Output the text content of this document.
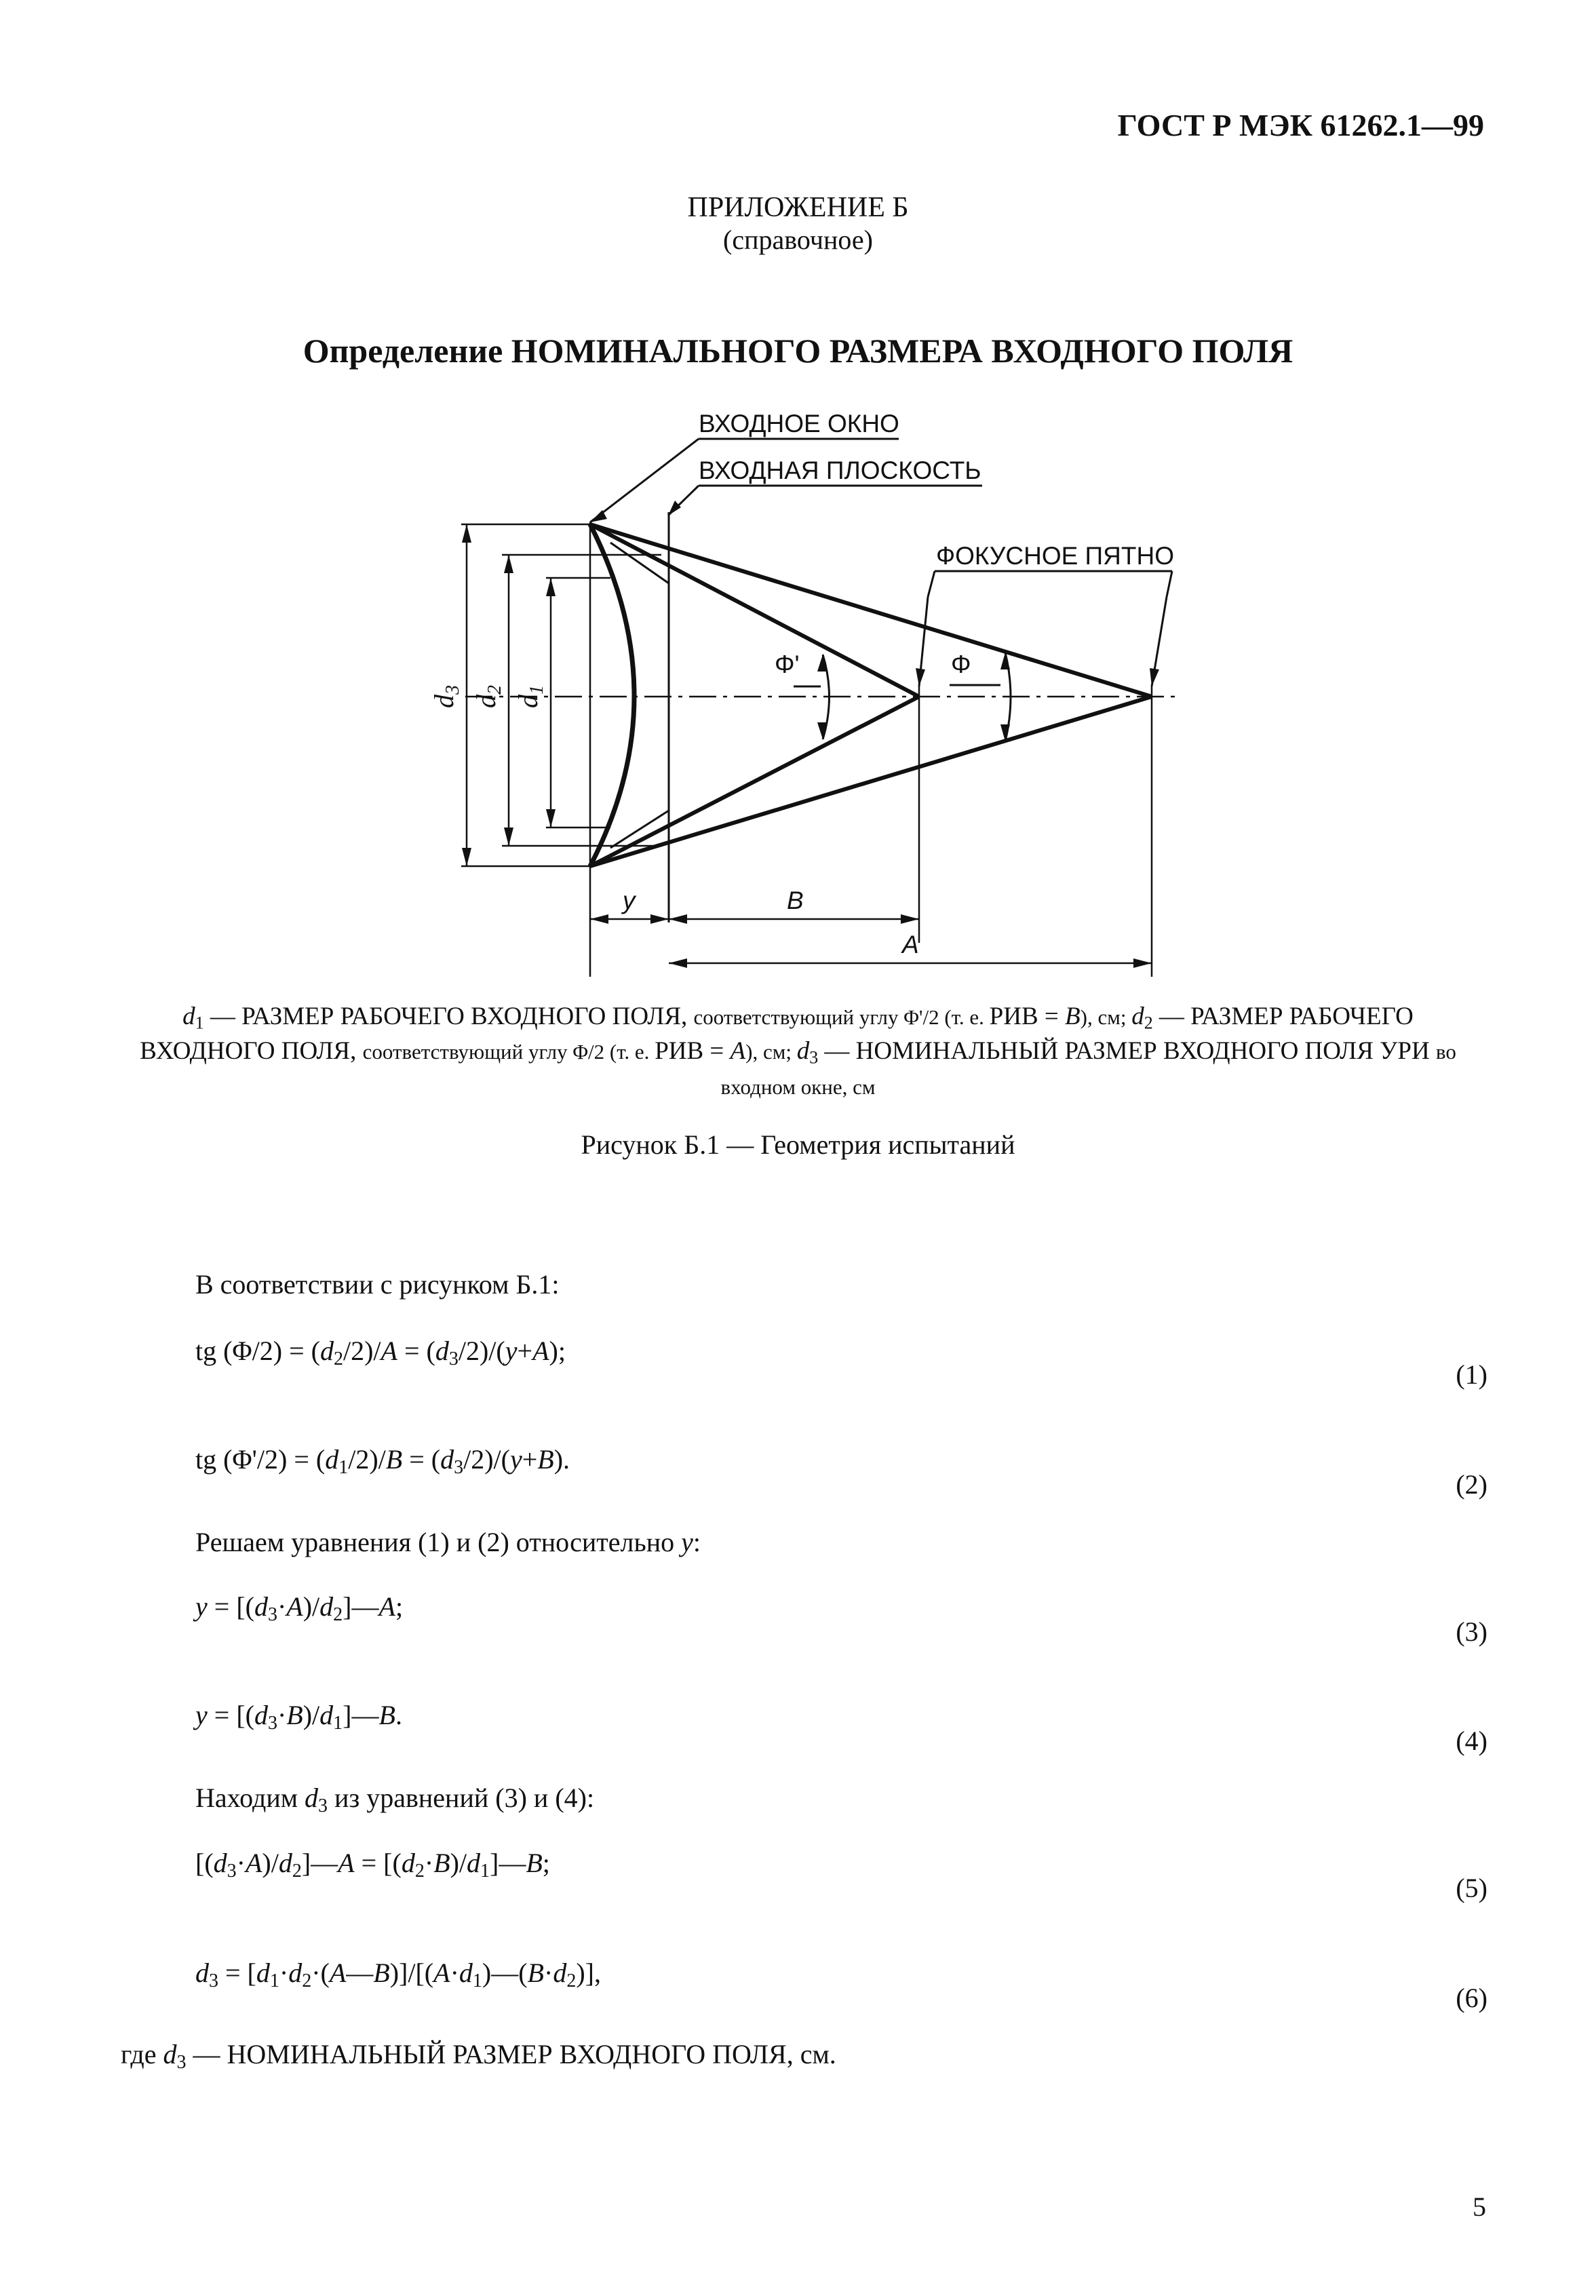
ГОСТ Р МЭК 61262.1—99
ПРИЛОЖЕНИЕ Б
(справочное)
Определение НОМИНАЛЬНОГО РАЗМЕРА ВХОДНОГО ПОЛЯ
ВХОДНОЕ ОКНО
ВХОДНАЯ ПЛОСКОСТЬ
ФОКУСНОЕ ПЯТНО
Φ'	Φ
$d_3$
$d_2$
$d_1$
y	B
A
$d_1$ — РАЗМЕР РАБОЧЕГО ВХОДНОГО ПОЛЯ, соответствующий углу Φ'/2 (т. е. РИВ = B), см; $d_2$ — РАЗМЕР РАБОЧЕГО ВХОДНОГО ПОЛЯ, соответствующий углу Φ/2 (т. е. РИВ = A), см; $d_3$ — НОМИНАЛЬНЫЙ РАЗМЕР ВХОДНОГО ПОЛЯ УРИ во входном окне, см
Рисунок Б.1 — Геометрия испытаний
В соответствии с рисунком Б.1:
tg $(\Phi/2) = (d_2/2)/A = (d_3/2)/(y+A)$;
(1)
tg $(\Phi'/2) = (d_1/2)/B = (d_3/2)/(y+B)$.
(2)
Решаем уравнения (1) и (2) относительно y:
$y = [(d_3\cdot A)/d_2]—A$;
(3)
$y = [(d_3\cdot B)/d_1]—B$.
(4)
Находим $d_3$ из уравнений (3) и (4):
$[(d_3\cdot A)/d_2]—A$ = $[(d_2\cdot B)/d_1]—B$;
(5)
$d_3$ = $[d_1\cdot d_2\cdot(A—B)]/[(A\cdot d_1)—(B\cdot d_2)]$,
(6)
где $d_3$ — НОМИНАЛЬНЫЙ РАЗМЕР ВХОДНОГО ПОЛЯ, см.
5
